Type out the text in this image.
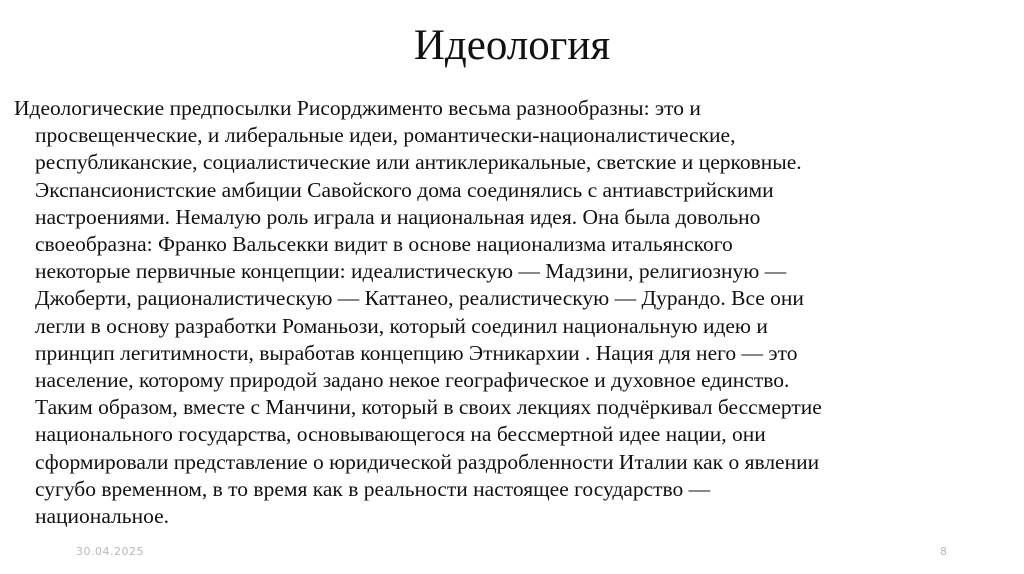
Идеология
Идеологические предпосылки Рисорджименто весьма разнообразны: это и
просвещенческие, и либеральные идеи, романтически-националистические,
республиканские, социалистические или антиклерикальные, светские и церковные.
Экспансионистские амбиции Савойского дома соединялись с антиавстрийскими
настроениями. Немалую роль играла и национальная идея. Она была довольно
своеобразна: Франко Вальсекки видит в основе национализма итальянского
некоторые первичные концепции: идеалистическую — Мадзини, религиозную —
Джоберти, рационалистическую — Каттанео, реалистическую — Дурандо. Все они
легли в основу разработки Романьози, который соединил национальную идею и
принцип легитимности, выработав концепцию Этникархии . Нация для него — это
население, которому природой задано некое географическое и духовное единство.
Таким образом, вместе с Манчини, который в своих лекциях подчёркивал бессмертие
национального государства, основывающегося на бессмертной идее нации, они
сформировали представление о юридической раздробленности Италии как о явлении
сугубо временном, в то время как в реальности настоящее государство —
национальное.
30.04.2025	8
